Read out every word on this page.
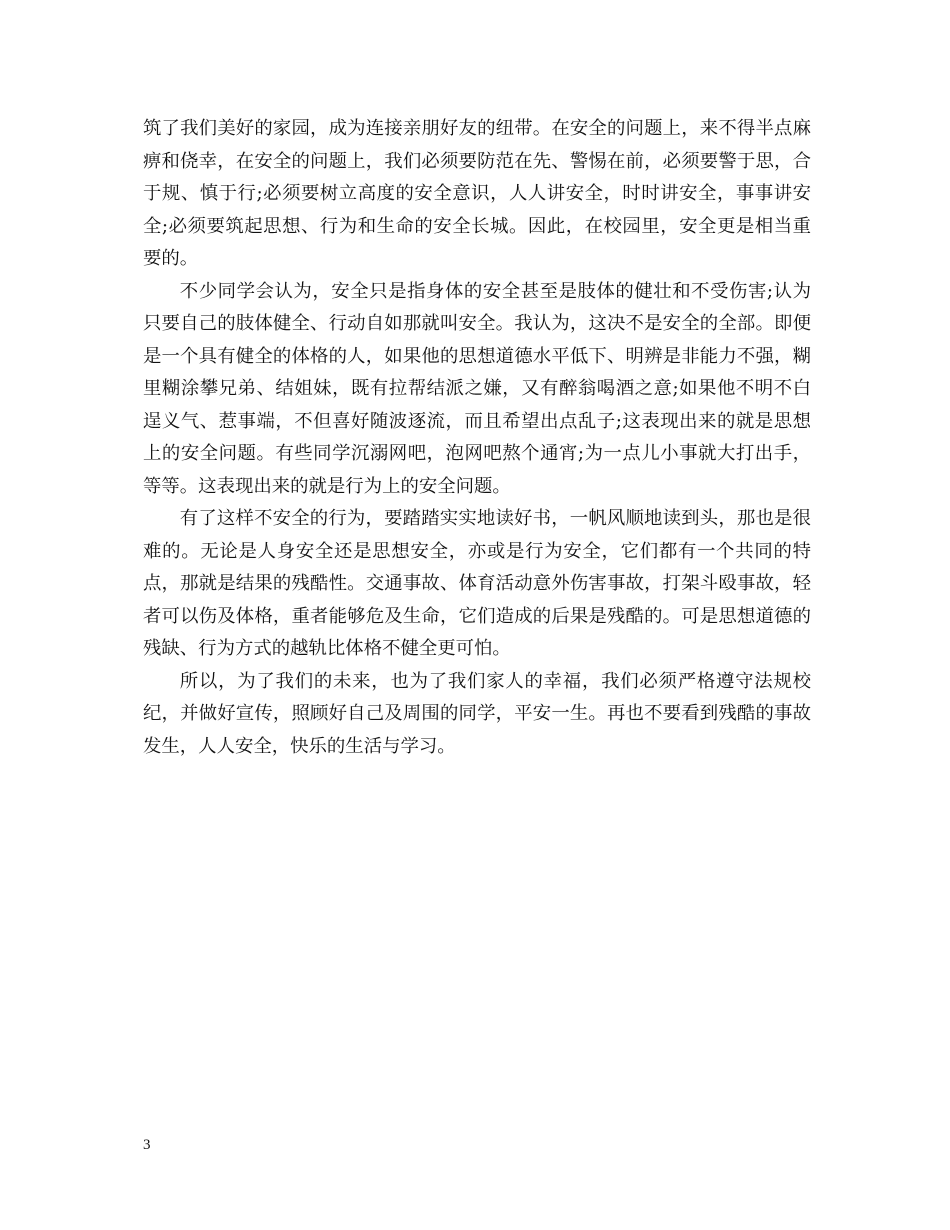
筑了我们美好的家园，成为连接亲朋好友的纽带。在安全的问题上，来不得半点麻痹和侥幸，在安全的问题上，我们必须要防范在先、警惕在前，必须要警于思，合于规、慎于行;必须要树立高度的安全意识，人人讲安全，时时讲安全，事事讲安全;必须要筑起思想、行为和生命的安全长城。因此，在校园里，安全更是相当重要的。

不少同学会认为，安全只是指身体的安全甚至是肢体的健壮和不受伤害;认为只要自己的肢体健全、行动自如那就叫安全。我认为，这决不是安全的全部。即便是一个具有健全的体格的人，如果他的思想道德水平低下、明辨是非能力不强，糊里糊涂攀兄弟、结姐妹，既有拉帮结派之嫌，又有醉翁喝酒之意;如果他不明不白逞义气、惹事端，不但喜好随波逐流，而且希望出点乱子;这表现出来的就是思想上的安全问题。有些同学沉溺网吧，泡网吧熬个通宵;为一点儿小事就大打出手，等等。这表现出来的就是行为上的安全问题。

有了这样不安全的行为，要踏踏实实地读好书，一帆风顺地读到头，那也是很难的。无论是人身安全还是思想安全，亦或是行为安全，它们都有一个共同的特点，那就是结果的残酷性。交通事故、体育活动意外伤害事故，打架斗殴事故，轻者可以伤及体格，重者能够危及生命，它们造成的后果是残酷的。可是思想道德的残缺、行为方式的越轨比体格不健全更可怕。

所以，为了我们的未来，也为了我们家人的幸福，我们必须严格遵守法规校纪，并做好宣传，照顾好自己及周围的同学，平安一生。再也不要看到残酷的事故发生，人人安全，快乐的生活与学习。

3
